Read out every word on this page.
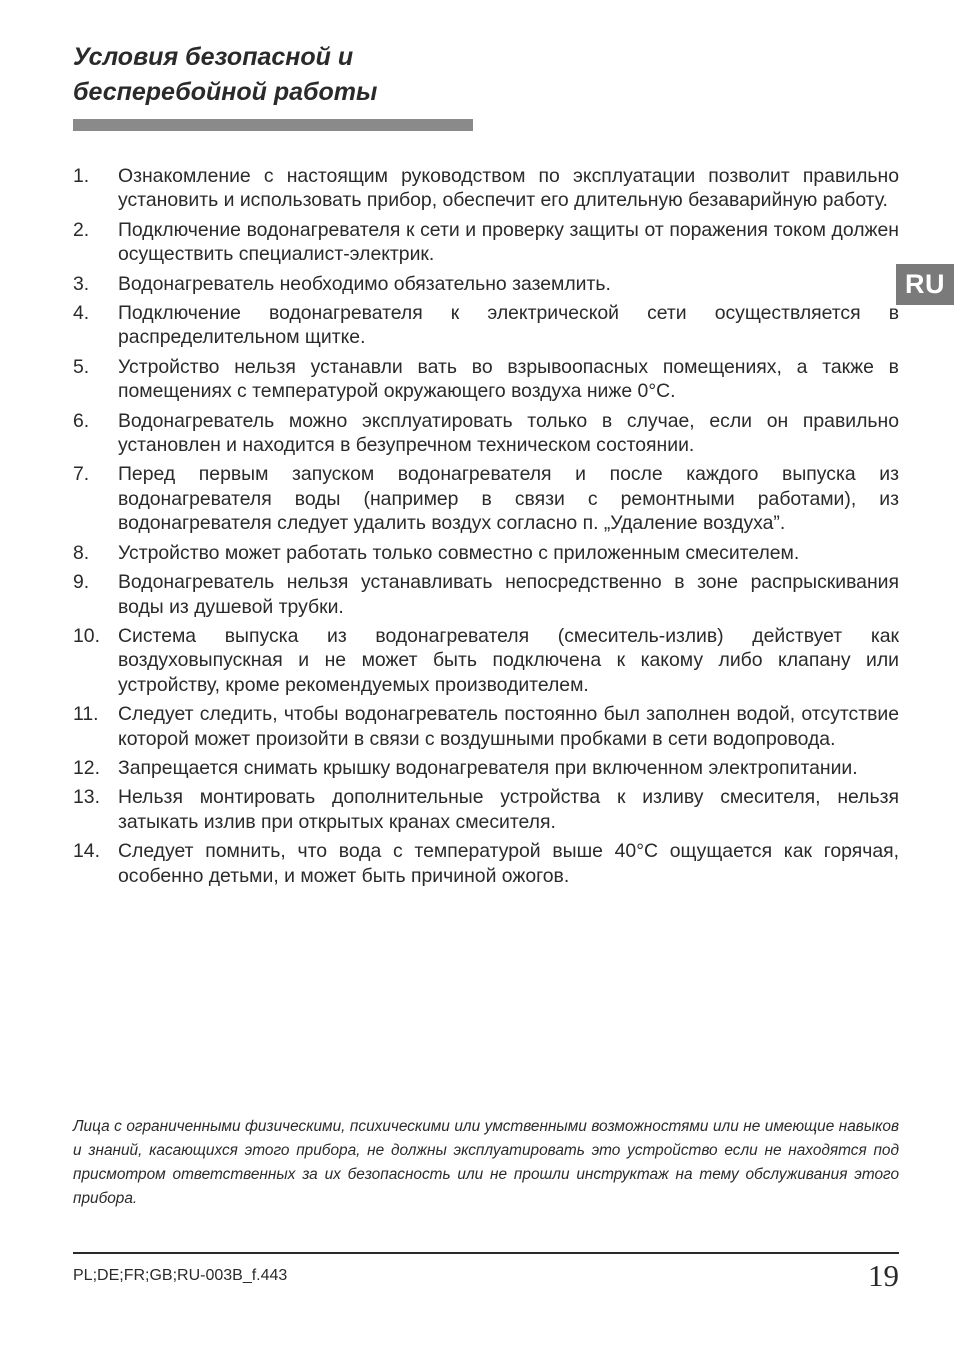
Условия безопасной и
бесперебойной работы
RU
1.	Ознакомление с настоящим руководством по эксплуатации позволит правильно установить и использовать прибор, обеспечит его длительную безаварийную работу.
2.	Подключение водонагревателя к сети и проверку защиты от поражения током должен осуществить специалист-электрик.
3.	Водонагреватель необходимо обязательно заземлить.
4.	Подключение водонагревателя к электрической сети осуществляется в распределительном щитке.
5.	Устройство нельзя устанавли вать во взрывоопасных помещениях, а также в помещениях с температурой окружающего воздуха ниже 0°С.
6.	Водонагреватель можно эксплуатировать только в случае, если он правильно установлен и находится в безупречном техническом состоянии.
7.	Перед первым запуском водонагревателя и после каждого выпуска из водонагревателя воды (например в связи с ремонтными работами), из водонагревателя следует удалить воздух согласно п. „Удаление воздуха”.
8.	Устройство может работать только совместно с приложенным смесителем.
9.	Водонагреватель нельзя устанавливать непосредственно в зоне распрыскивания воды из душевой трубки.
10. Система выпуска из водонагревателя (смеситель-излив) действует как воздуховыпускная и не может быть подключена к какому либо клапану или устройству, кроме рекомендуемых производителем.
11.	Следует следить, чтобы водонагреватель постоянно был заполнен водой, отсутствие которой может произойти в связи с воздушными пробками в сети водопровода.
12. Запрещается снимать крышку водонагревателя при включенном электропитании.
13. Нельзя монтировать дополнительные устройства к изливу смесителя, нельзя затыкать излив при открытых кранах смесителя.
14. Следует помнить, что вода с температурой выше 40°С ощущается как горячая, особенно детьми, и может быть причиной ожогов.

Лица с ограниченными физическими, психическими или умственными возможностями или не имеющие навыков и знаний, касающихся этого прибора, не должны эксплуатировать это устройство если не находятся под присмотром ответственных за их безопасность или не прошли инструктаж на тему обслуживания этого прибора.

PL;DE;FR;GB;RU-003B_f.443	19
